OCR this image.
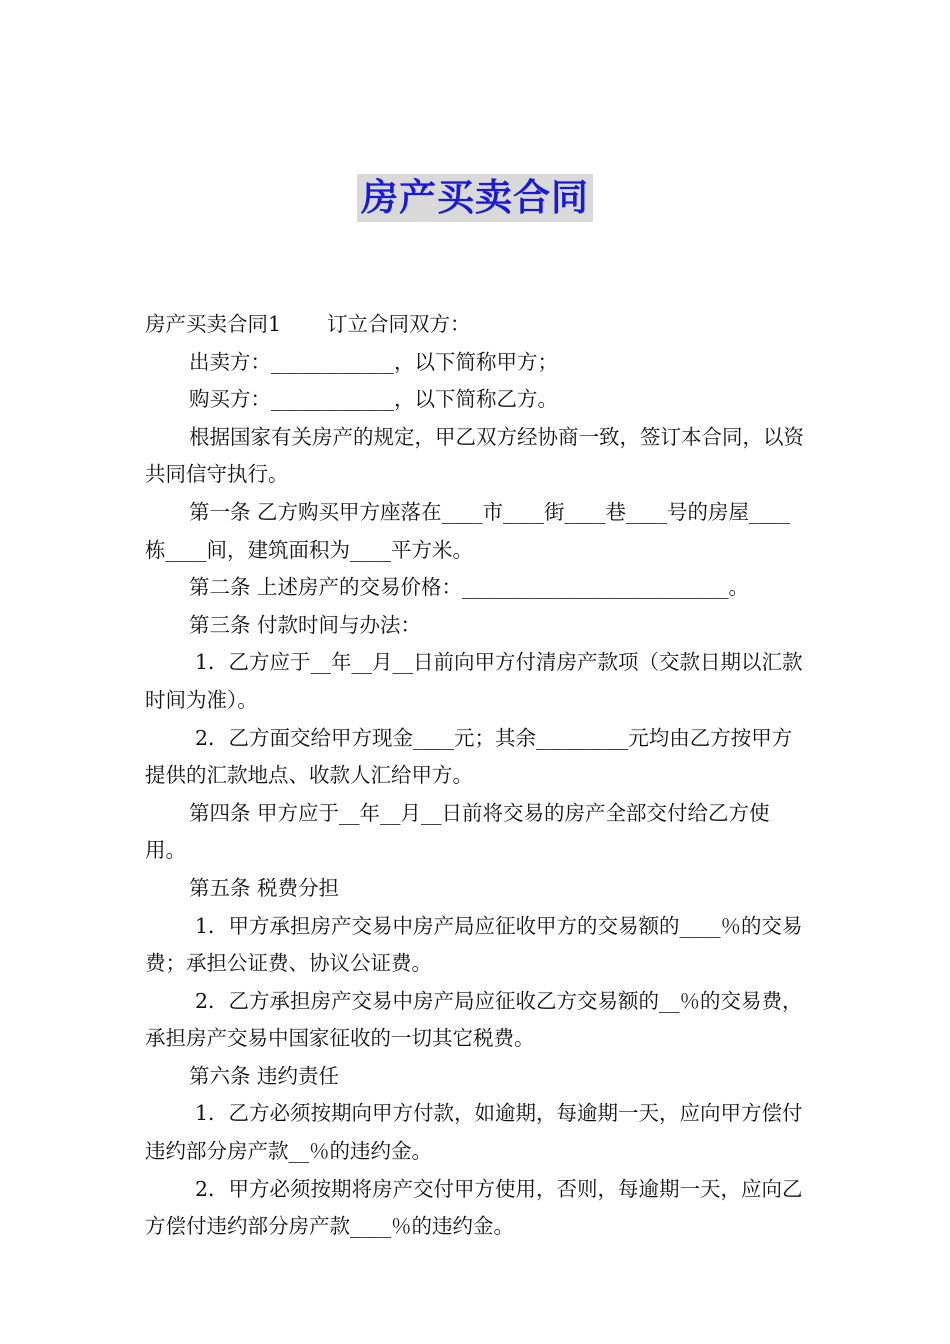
房产买卖合同

房产买卖合同1 订立合同双方：

出卖方：____________，以下简称甲方；

购买方：____________，以下简称乙方。

根据国家有关房产的规定，甲乙双方经协商一致，签订本合同，以资共同信守执行。

第一条 乙方购买甲方座落在____市____街____巷____号的房屋____栋____间，建筑面积为____平方米。

第二条 上述房产的交易价格：__________________________。

第三条 付款时间与办法：

1．乙方应于__年__月__日前向甲方付清房产款项（交款日期以汇款时间为准）。

2．乙方面交给甲方现金____元；其余_________元均由乙方按甲方提供的汇款地点、收款人汇给甲方。

第四条 甲方应于__年__月__日前将交易的房产全部交付给乙方使用。

第五条 税费分担

1．甲方承担房产交易中房产局应征收甲方的交易额的____％的交易费；承担公证费、协议公证费。

2．乙方承担房产交易中房产局应征收乙方交易额的__％的交易费，承担房产交易中国家征收的一切其它税费。

第六条 违约责任

1．乙方必须按期向甲方付款，如逾期，每逾期一天，应向甲方偿付违约部分房产款__％的违约金。

2．甲方必须按期将房产交付甲方使用，否则，每逾期一天，应向乙方偿付违约部分房产款____％的违约金。
